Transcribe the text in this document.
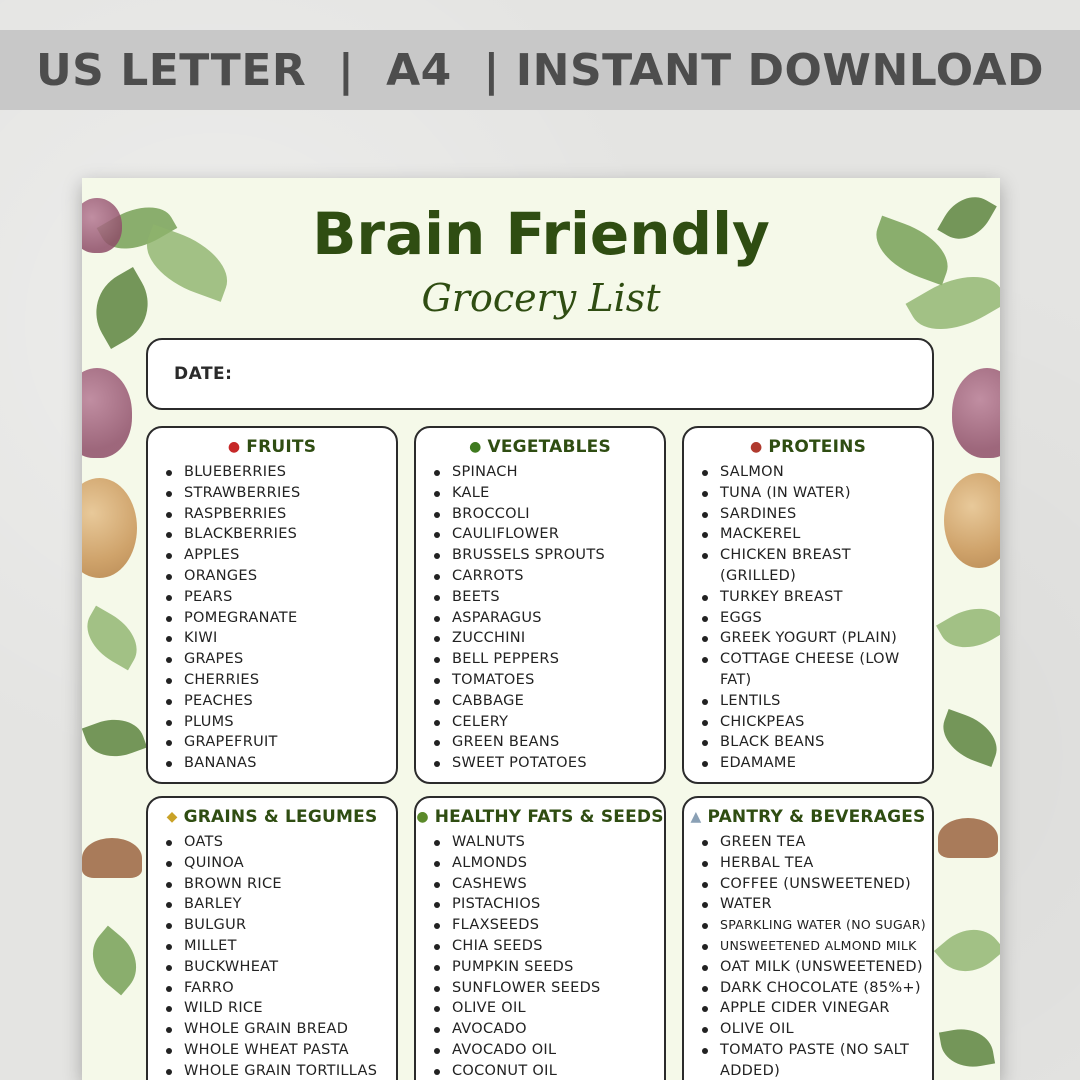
US LETTER  |  A4  | INSTANT DOWNLOAD
Brain Friendly
Grocery List
DATE:
● FRUITS
BLUEBERRIES
STRAWBERRIES
RASPBERRIES
BLACKBERRIES
APPLES
ORANGES
PEARS
POMEGRANATE
KIWI
GRAPES
CHERRIES
PEACHES
PLUMS
GRAPEFRUIT
BANANAS
● VEGETABLES
SPINACH
KALE
BROCCOLI
CAULIFLOWER
BRUSSELS SPROUTS
CARROTS
BEETS
ASPARAGUS
ZUCCHINI
BELL PEPPERS
TOMATOES
CABBAGE
CELERY
GREEN BEANS
SWEET POTATOES
● PROTEINS
SALMON
TUNA (IN WATER)
SARDINES
MACKEREL
CHICKEN BREAST (GRILLED)
TURKEY BREAST
EGGS
GREEK YOGURT (PLAIN)
COTTAGE CHEESE (LOW FAT)
LENTILS
CHICKPEAS
BLACK BEANS
EDAMAME
◆ GRAINS & LEGUMES
OATS
QUINOA
BROWN RICE
BARLEY
BULGUR
MILLET
BUCKWHEAT
FARRO
WILD RICE
WHOLE GRAIN BREAD
WHOLE WHEAT PASTA
WHOLE GRAIN TORTILLAS
● HEALTHY FATS & SEEDS
WALNUTS
ALMONDS
CASHEWS
PISTACHIOS
FLAXSEEDS
CHIA SEEDS
PUMPKIN SEEDS
SUNFLOWER SEEDS
OLIVE OIL
AVOCADO
AVOCADO OIL
COCONUT OIL
▲ PANTRY & BEVERAGES
GREEN TEA
HERBAL TEA
COFFEE (UNSWEETENED)
WATER
SPARKLING WATER (NO SUGAR)
UNSWEETENED ALMOND MILK
OAT MILK (UNSWEETENED)
DARK CHOCOLATE (85%+)
APPLE CIDER VINEGAR
OLIVE OIL
TOMATO PASTE (NO SALT ADDED)
